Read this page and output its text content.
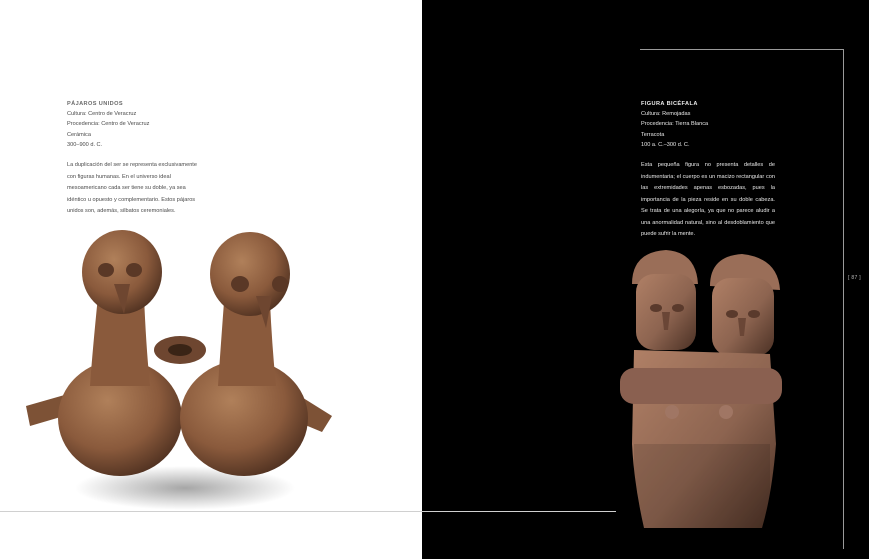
PÁJAROS UNIDOS
Cultura: Centro de Veracruz
Procedencia: Centro de Veracruz
Cerámica
300–900 d. C.
La duplicación del ser se representa exclusivamente con figuras humanas. En el universo ideal mesoamericano cada ser tiene su doble, ya sea idéntico u opuesto y complementario. Estos pájaros unidos son, además, silbatos ceremoniales.
FIGURA BICÉFALA
Cultura: Remojadas
Procedencia: Tierra Blanca
Terracota
100 a. C.–300 d. C.
Esta pequeña figura no presenta detalles de indumentaria; el cuerpo es un macizo rectangular con las extremidades apenas esbozadas, pues la importancia de la pieza reside en su doble cabeza. Se trata de una alegoría, ya que no parece aludir a una anormalidad natural, sino al desdoblamiento que puede sufrir la mente.
[ 87 ]
